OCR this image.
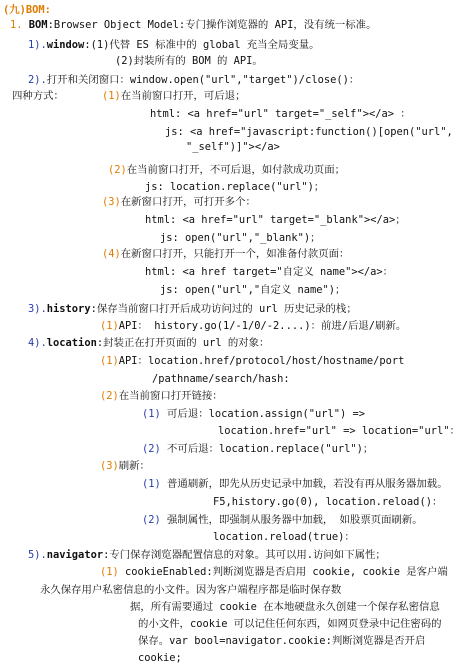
(九)BOM:
1. BOM:Browser Object Model:专门操作浏览器的 API，没有统一标准。
1).window:(1)代替 ES 标准中的 global 充当全局变量。
(2)封装所有的 BOM 的 API。
2).打开和关闭窗口：window.open("url","target")/close()：
四种方式：	(1)在当前窗口打开，可后退；
html: <a href="url" target="_self"></a> ：
js: <a href="javascript:function()[open("url",
"_self")]"></a>
(2)在当前窗口打开，不可后退，如付款成功页面；
js: location.replace("url")；
(3)在新窗口打开，可打开多个：
html: <a href="url" target="_blank"></a>；
js: open("url","_blank")；
(4)在新窗口打开，只能打开一个，如准备付款页面：
html: <a href target="自定义 name"></a>：
js: open("url","自定义 name")；
3).history:保存当前窗口打开后成功访问过的 url 历史记录的栈；
(1)API： history.go(1/-1/0/-2....)：前进/后退/刷新。
4).location:封装正在打开页面的 url 的对象：
(1)API：location.href/protocol/host/hostname/port
/pathname/search/hash:
(2)在当前窗口打开链接：
(1) 可后退：location.assign("url") =>
location.href="url" => location="url"：
(2) 不可后退：location.replace("url")；
(3)刷新：
(1) 普通刷新，即先从历史记录中加载，若没有再从服务器加载。
F5,history.go(0), location.reload()：
(2) 强制属性，即强制从服务器中加载， 如股票页面刷新。
location.reload(true)：
5).navigator:专门保存浏览器配置信息的对象。其可以用.访问如下属性；
(1) cookieEnabled:判断浏览器是否启用 cookie, cookie 是客户端
永久保存用户私密信息的小文件。因为客户端程序都是临时保存数
据，所有需要通过 cookie 在本地硬盘永久创建一个保存私密信息
的小文件，cookie 可以记住任何东西，如网页登录中记住密码的
保存。var bool=navigator.cookie:判断浏览器是否开启
cookie;
